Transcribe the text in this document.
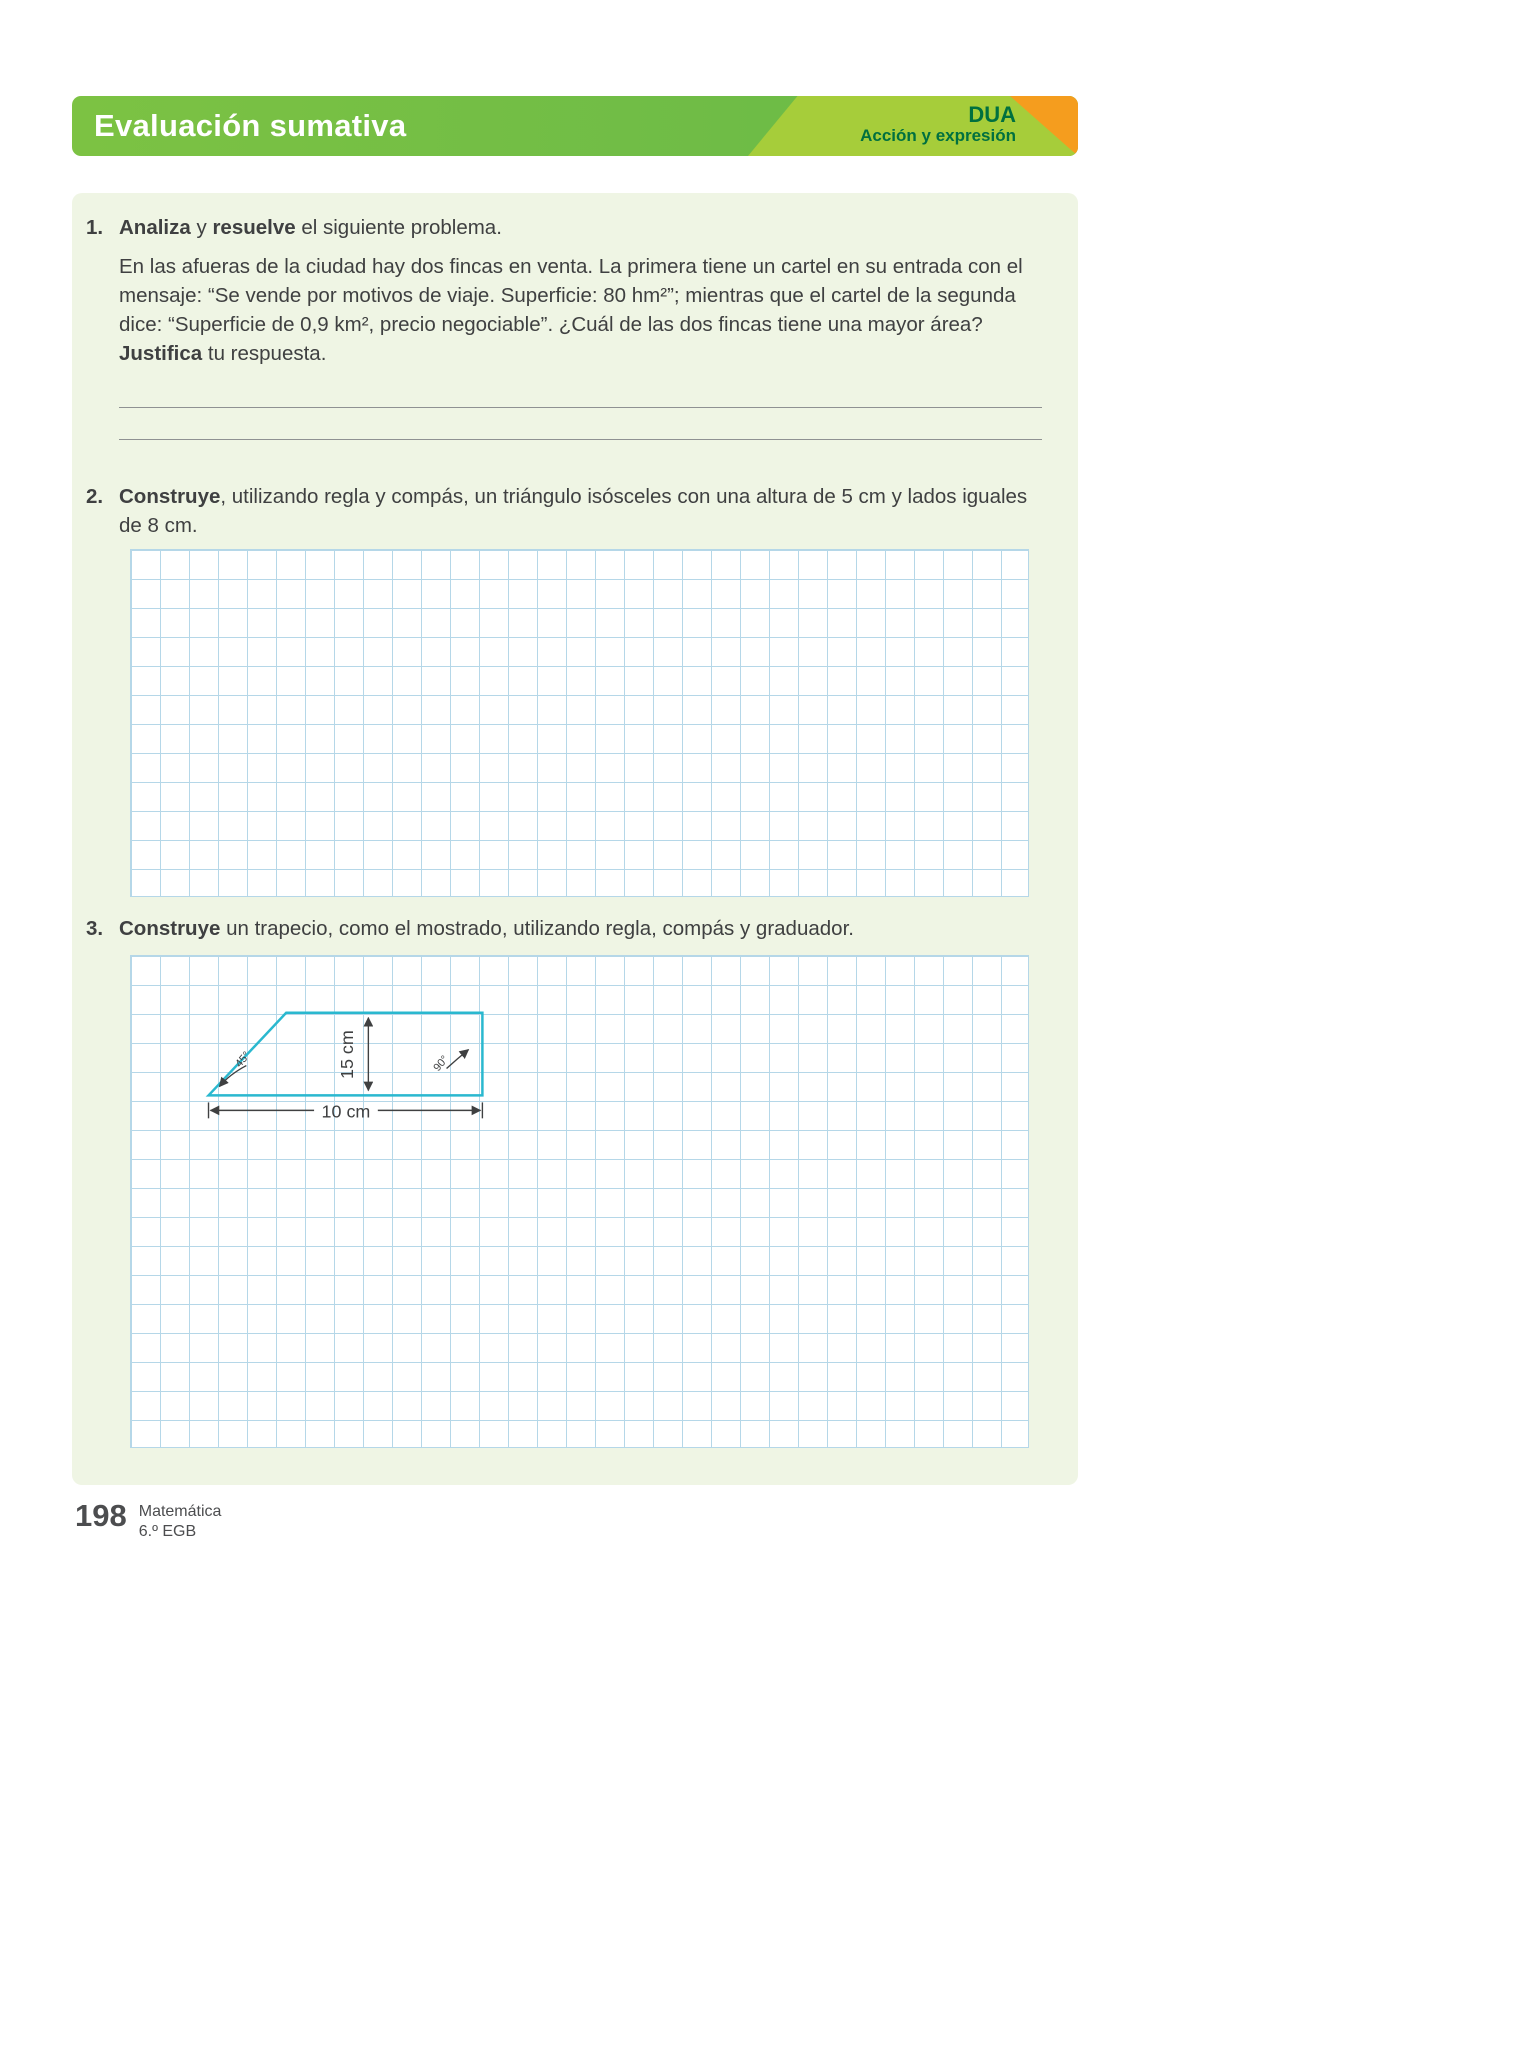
Evaluación sumativa	DUA
Acción y expresión
1. Analiza y resuelve el siguiente problema.

En las afueras de la ciudad hay dos fincas en venta. La primera tiene un cartel en su entrada con el mensaje: “Se vende por motivos de viaje. Superficie: 80 hm²”; mientras que el cartel de la segunda dice: “Superficie de 0,9 km², precio negociable”. ¿Cuál de las dos fincas tiene una mayor área? Justifica tu respuesta.

2. Construye, utilizando regla y compás, un triángulo isósceles con una altura de 5 cm y lados iguales de 8 cm.

3. Construye un trapecio, como el mostrado, utilizando regla, compás y graduador.

15 cm
10 cm
45°	90°
198 Matemática
6.º EGB
